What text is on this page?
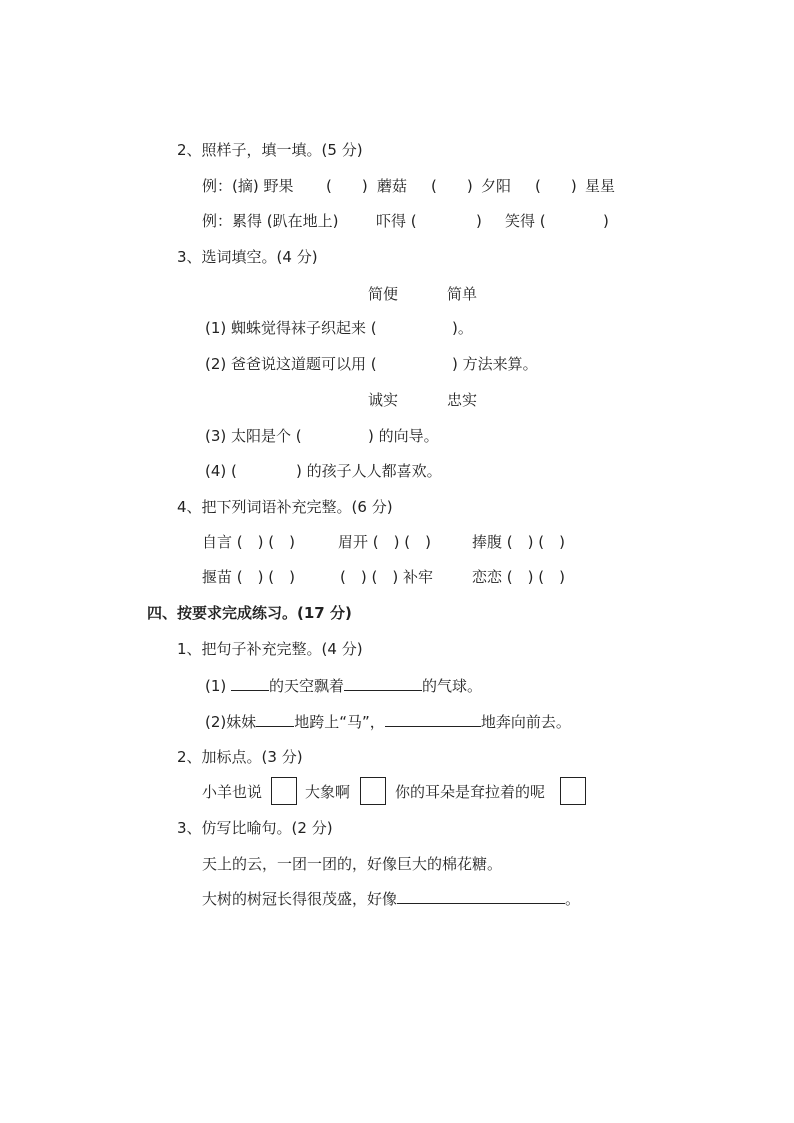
2、照样子，填一填。(5 分)
例：(摘) 野果 (　　) 蘑菇 (　　) 夕阳 (　　) 星星
例：累得 (趴在地上)	吓得 (	) 笑得 (	)
3、选词填空。(4 分)
简便	简单
(1) 蜘蛛觉得袜子织起来 (	)。
(2) 爸爸说这道题可以用 (	) 方法来算。
诚实	忠实
(3) 太阳是个 (	) 的向导。
(4) (	) 的孩子人人都喜欢。
4、把下列词语补充完整。(6 分)
自言 (　) (　)	眉开 (　) (　)	捧腹 (　) (　)
揠苗 (　) (　)	(　) (　) 补牢	恋恋 (　) (　)
四、按要求完成练习。(17 分)
1、把句子补充完整。(4 分)
(1)	的天空飘着	的气球。
(2)妹妹	地跨上“马”，	地奔向前去。
2、加标点。(3 分)
小羊也说	大象啊	你的耳朵是耷拉着的呢
3、仿写比喻句。(2 分)
天上的云，一团一团的，好像巨大的棉花糖。
大树的树冠长得很茂盛，好像	。
